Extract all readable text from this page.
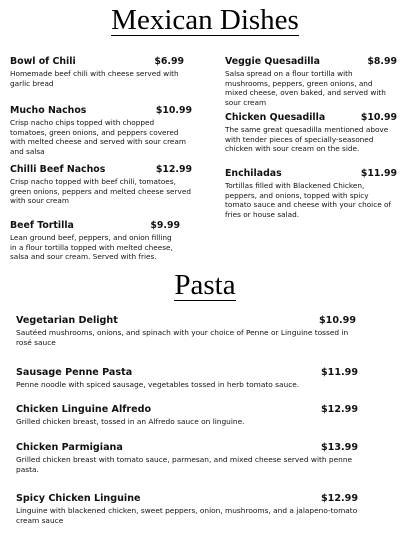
Mexican Dishes
Bowl of Chili	$6.99
Homemade beef chili with cheese served with garlic bread
Mucho Nachos	$10.99
Crisp nacho chips topped with chopped tomatoes, green onions, and peppers covered with melted cheese and served with sour cream and salsa
Chilli Beef Nachos	$12.99
Crisp nacho topped with beef chili, tomatoes, green onions, peppers and melted cheese served with sour cream
Beef Tortilla	$9.99
Lean ground beef, peppers, and onion filling in a flour tortilla topped with melted cheese, salsa and sour cream. Served with fries.
Veggie Quesadilla	$8.99
Salsa spread on a flour tortilla with mushrooms, peppers, green onions, and mixed cheese, oven baked, and served with sour cream
Chicken Quesadilla	$10.99
The same great quesadilla mentioned above with tender pieces of specially-seasoned chicken with sour cream on the side.
Enchiladas	$11.99
Tortillas filled with Blackened Chicken, peppers, and onions, topped with spicy tomato sauce and cheese with your choice of fries or house salad.
Pasta
Vegetarian Delight	$10.99
Sautéed mushrooms, onions, and spinach with your choice of Penne or Linguine tossed in rosé sauce
Sausage Penne Pasta	$11.99
Penne noodle with spiced sausage, vegetables tossed in herb tomato sauce.
Chicken Linguine Alfredo	$12.99
Grilled chicken breast, tossed in an Alfredo sauce on linguine.
Chicken Parmigiana	$13.99
Grilled chicken breast with tomato sauce, parmesan, and mixed cheese served with penne pasta.
Spicy Chicken Linguine	$12.99
Linguine with blackened chicken, sweet peppers, onion, mushrooms, and a jalapeno-tomato cream sauce
